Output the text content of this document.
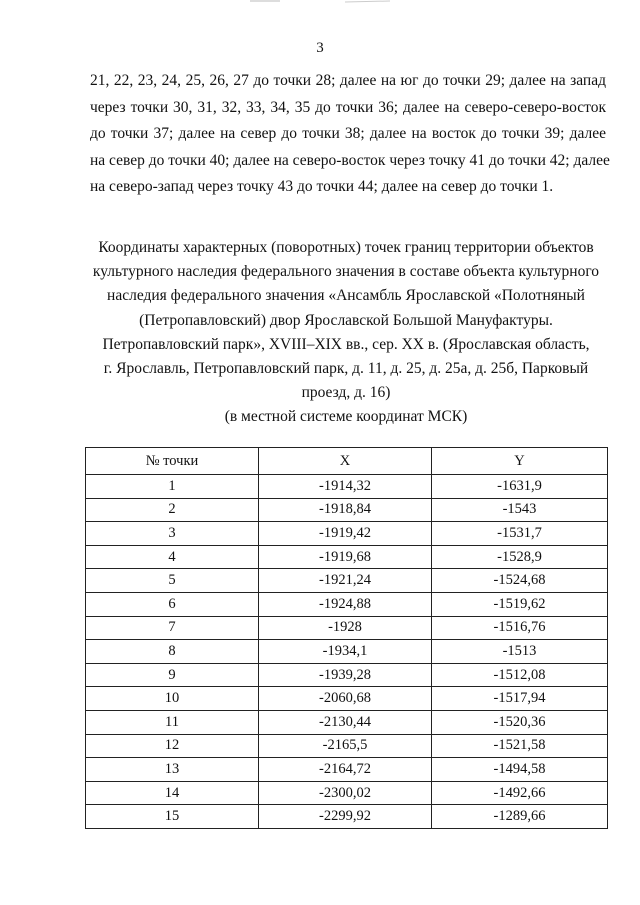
3
21, 22, 23, 24, 25, 26, 27 до точки 28; далее на юг до точки 29; далее на запад
через точки 30, 31, 32, 33, 34, 35 до точки 36; далее на северо-северо-восток
до точки 37; далее на север до точки 38; далее на восток до точки 39; далее
на север до точки 40; далее на северо-восток через точку 41 до точки 42; далее
на северо-запад через точку 43 до точки 44; далее на север до точки 1.
Координаты характерных (поворотных) точек границ территории объектов
культурного наследия федерального значения в составе объекта культурного
наследия федерального значения «Ансамбль Ярославской «Полотняный
(Петропавловский) двор Ярославской Большой Мануфактуры.
Петропавловский парк», XVIII–XIX вв., сер. XX в. (Ярославская область,
г. Ярославль, Петропавловский парк, д. 11, д. 25, д. 25а, д. 25б, Парковый
проезд, д. 16)
(в местной системе координат МСК)
№ точки	X	Y
1	-1914,32	-1631,9
2	-1918,84	-1543
3	-1919,42	-1531,7
4	-1919,68	-1528,9
5	-1921,24	-1524,68
6	-1924,88	-1519,62
7	-1928	-1516,76
8	-1934,1	-1513
9	-1939,28	-1512,08
10	-2060,68	-1517,94
11	-2130,44	-1520,36
12	-2165,5	-1521,58
13	-2164,72	-1494,58
14	-2300,02	-1492,66
15	-2299,92	-1289,66
